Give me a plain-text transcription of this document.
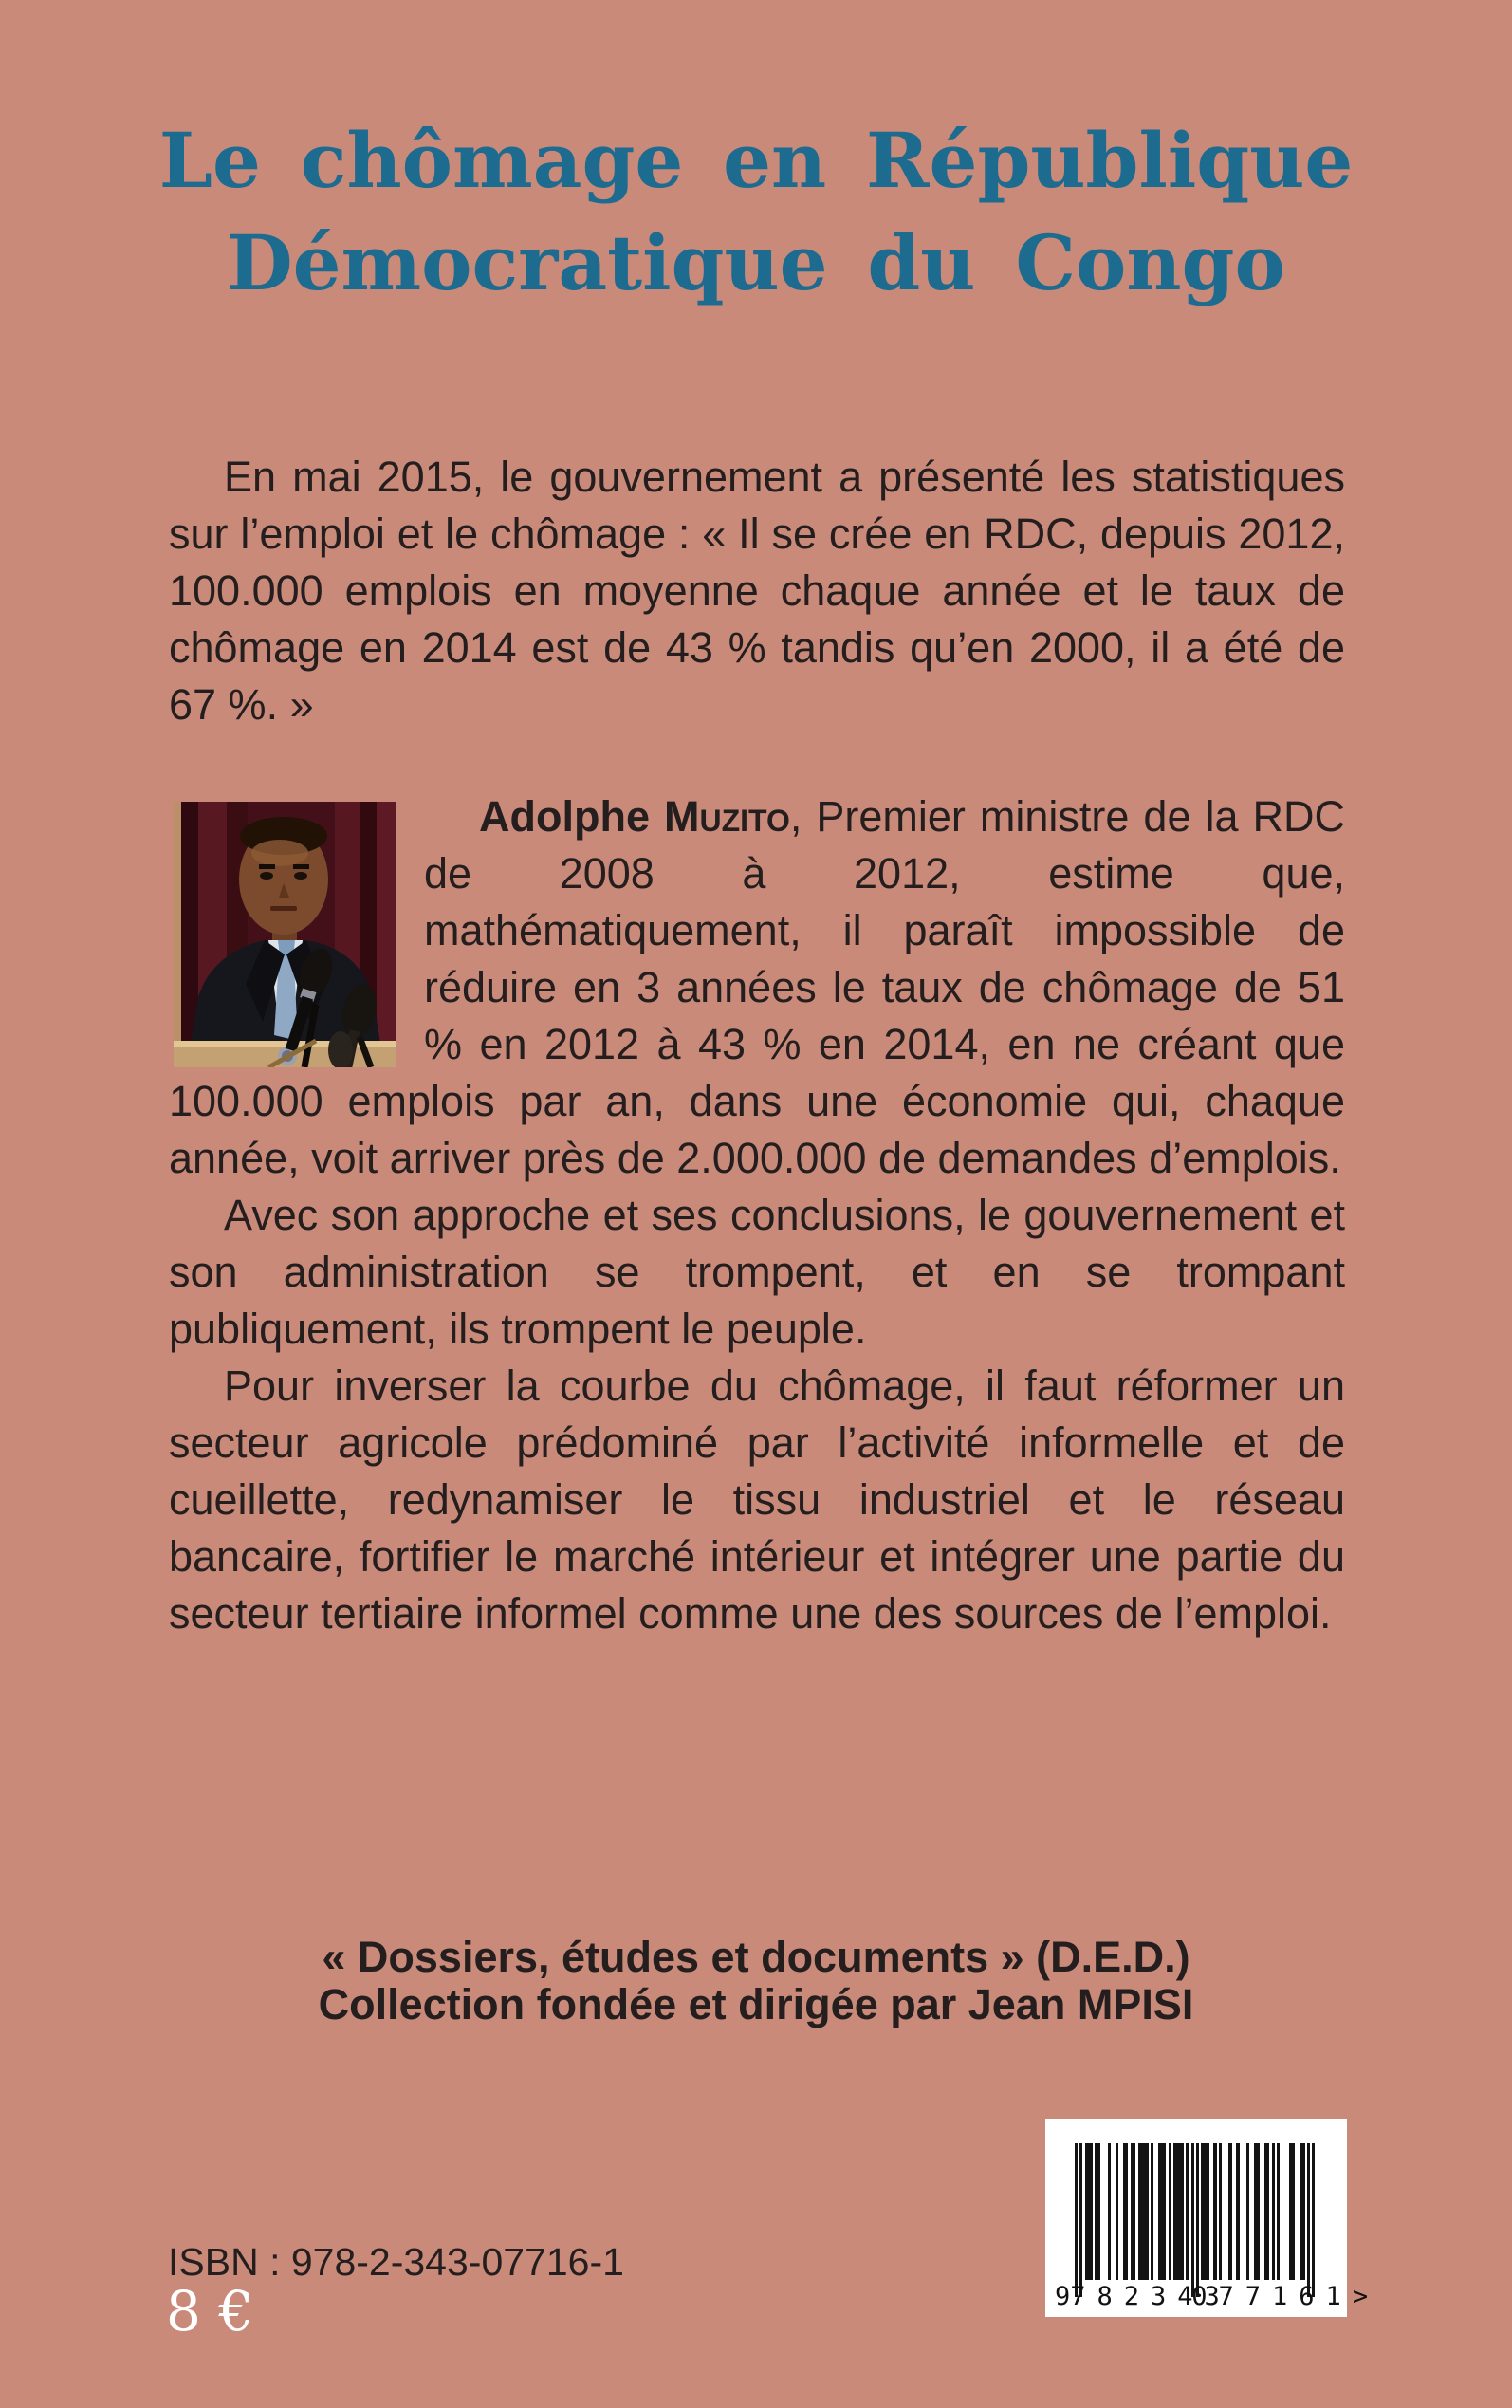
Le chômage en République
Démocratique du Congo

En mai 2015, le gouvernement a présenté les statistiques sur l’emploi et le chômage : « Il se crée en RDC, depuis 2012, 100.000 emplois en moyenne chaque année et le taux de chômage en 2014 est de 43 % tandis qu’en 2000, il a été de 67 %. »

Adolphe Muzito, Premier ministre de la RDC de 2008 à 2012, estime que, mathématiquement, il paraît impossible de réduire en 3 années le taux de chômage de 51 % en 2012 à 43 % en 2014, en ne créant que 100.000 emplois par an, dans une économie qui, chaque année, voit arriver près de 2.000.000 de demandes d’emplois.

Avec son approche et ses conclusions, le gouvernement et son administration se trompent, et en se trompant publiquement, ils trompent le peuple.

Pour inverser la courbe du chômage, il faut réformer un secteur agricole prédominé par l’activité informelle et de cueillette, redynamiser le tissu industriel et le réseau bancaire, fortifier le marché intérieur et intégrer une partie du secteur tertiaire informel comme une des sources de l’emploi.

« Dossiers, études et documents » (D.E.D.)
Collection fondée et dirigée par Jean MPISI
ISBN : 978-2-343-07716-1
8 €	9 782343
077161 >
